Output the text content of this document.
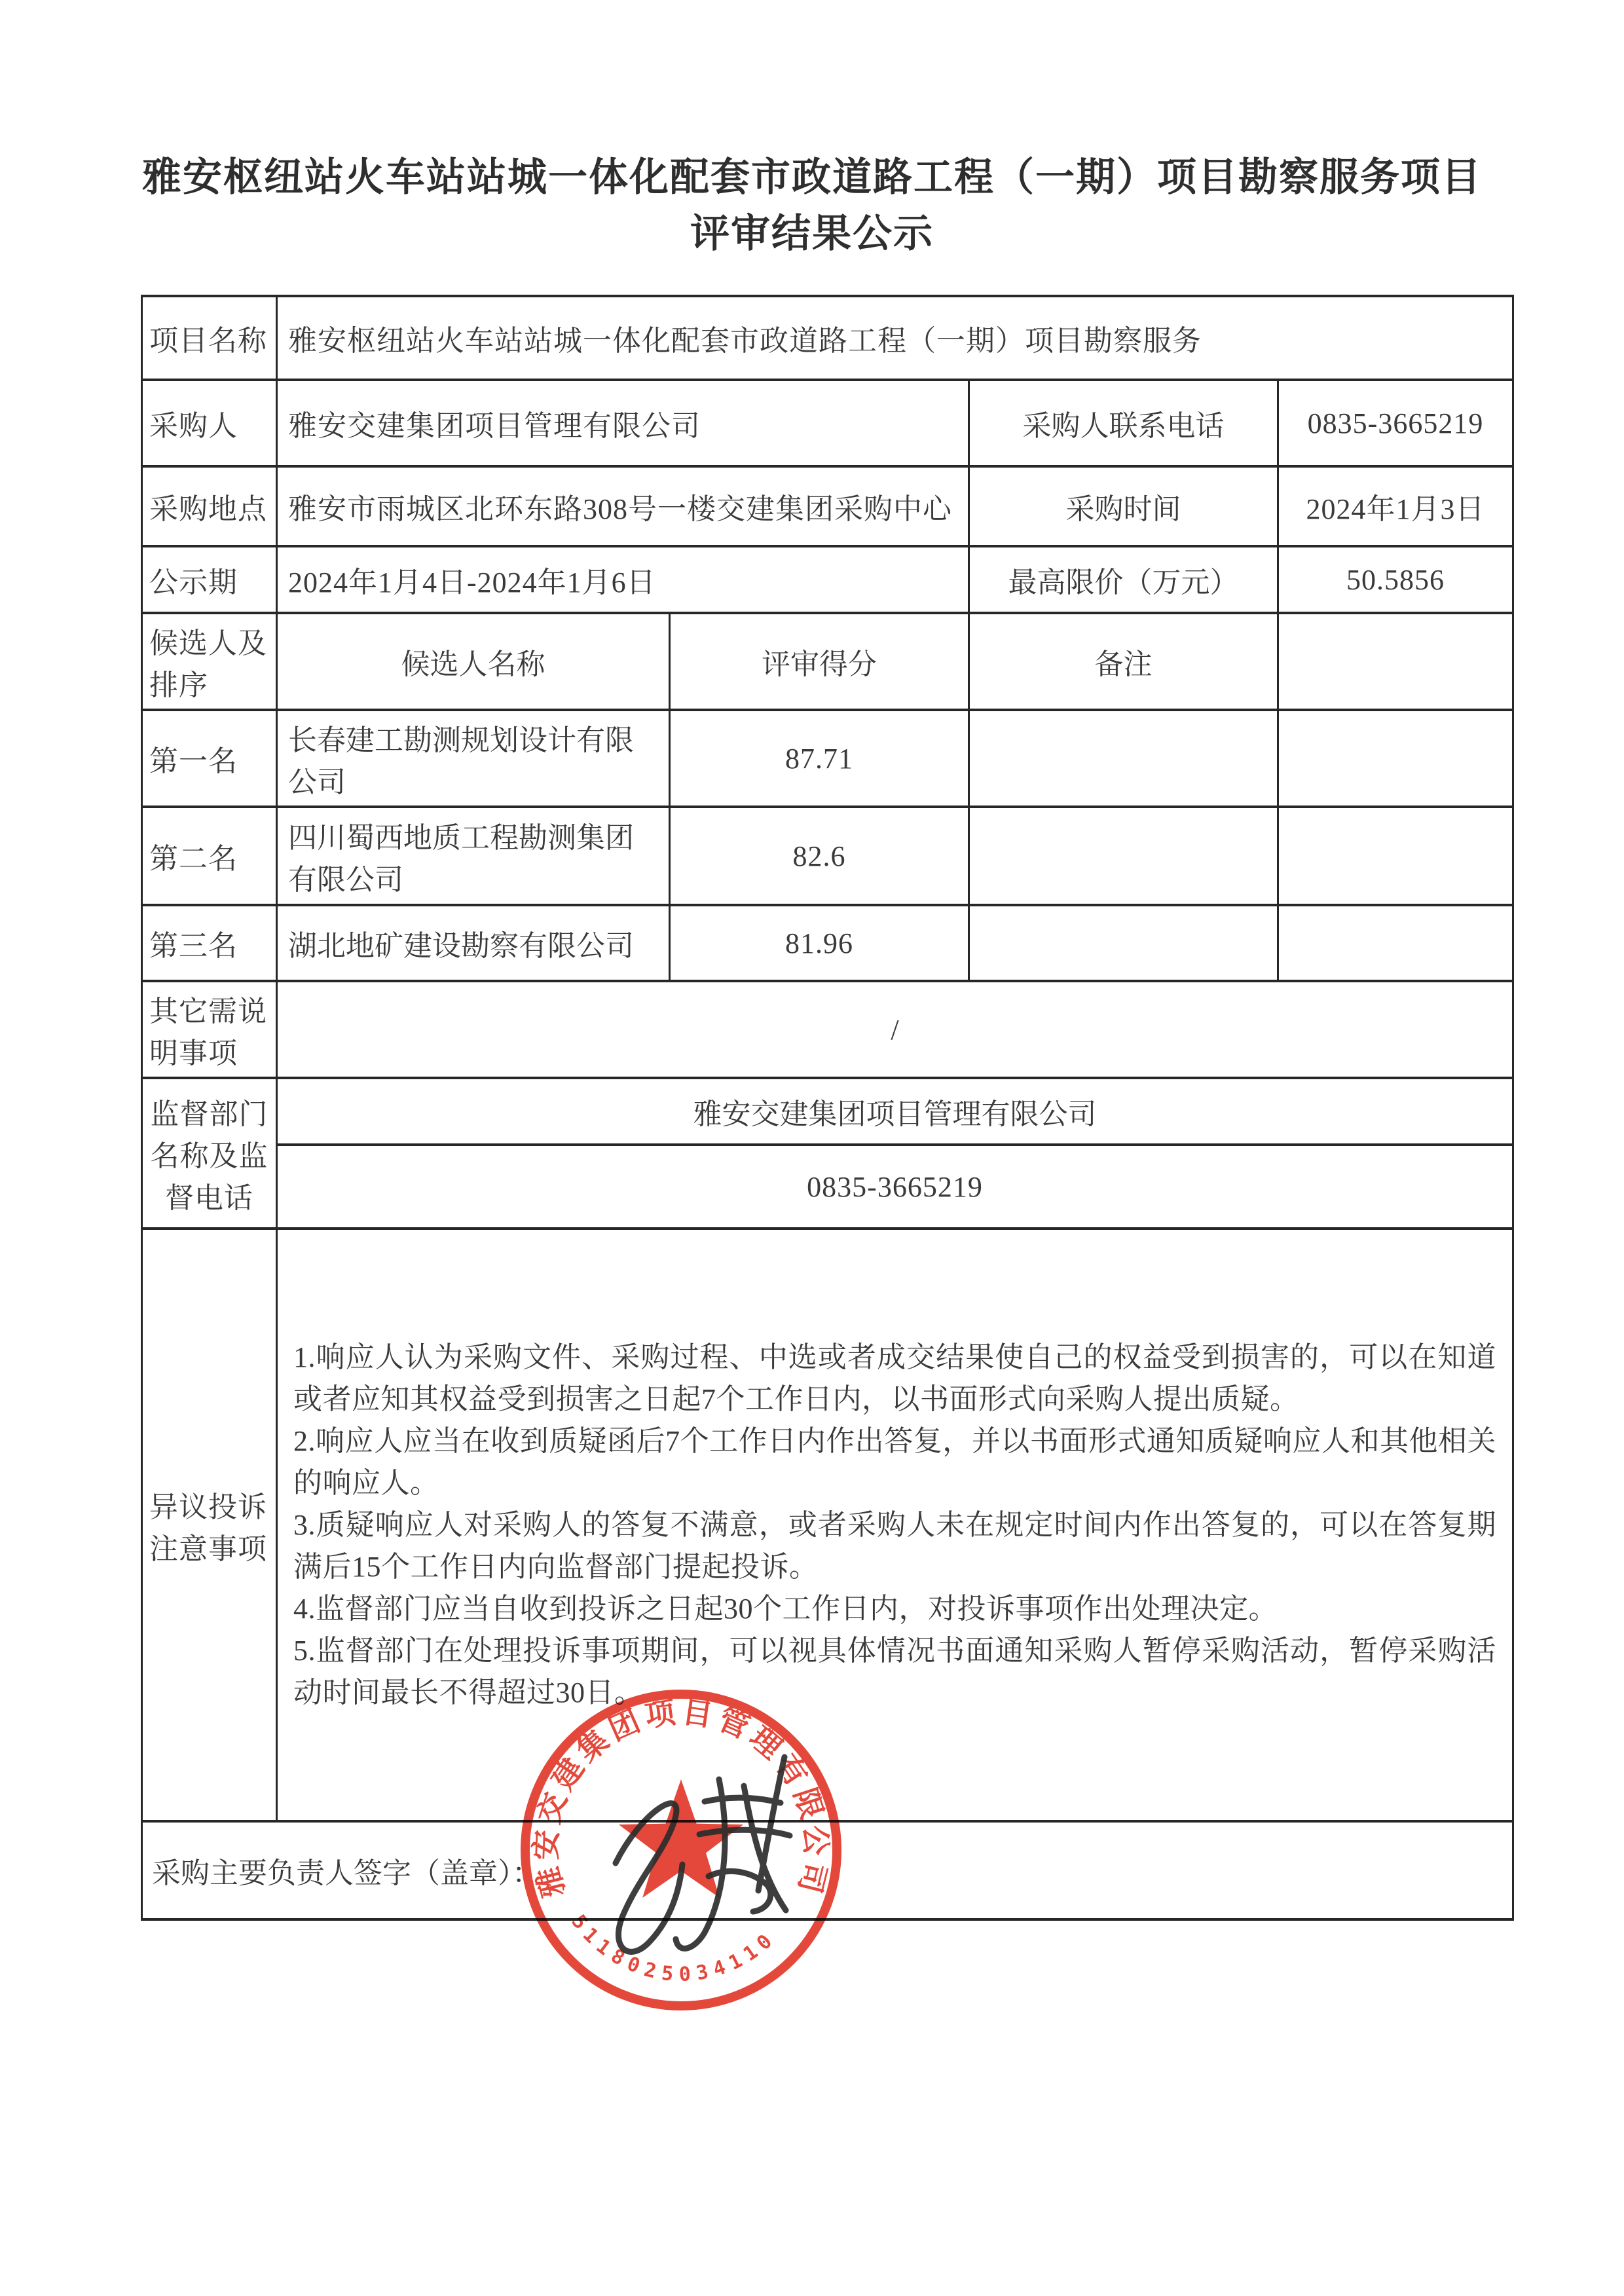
雅安枢纽站火车站站城一体化配套市政道路工程（一期）项目勘察服务项目评审结果公示
项目名称	雅安枢纽站火车站站城一体化配套市政道路工程（一期）项目勘察服务			
采购人	雅安交建集团项目管理有限公司		采购人联系电话	0835-3665219
采购地点	雅安市雨城区北环东路308号一楼交建集团采购中心		采购时间	2024年1月3日
公示期	2024年1月4日-2024年1月6日		最高限价（万元）	50.5856
候选人及排序	候选人名称	评审得分	备注	
第一名	长春建工勘测规划设计有限公司	87.71		
第二名	四川蜀西地质工程勘测集团有限公司	82.6		
第三名	湖北地矿建设勘察有限公司	81.96		
其它需说明事项	/			
监督部门名称及监督电话	雅安交建集团项目管理有限公司			
	0835-3665219			
异议投诉注意事项	1.响应人认为采购文件、采购过程、中选或者成交结果使自己的权益受到损害的，可以在知道或者应知其权益受到损害之日起7个工作日内，以书面形式向采购人提出质疑。
2.响应人应当在收到质疑函后7个工作日内作出答复，并以书面形式通知质疑响应人和其他相关的响应人。
3.质疑响应人对采购人的答复不满意，或者采购人未在规定时间内作出答复的，可以在答复期满后15个工作日内向监督部门提起投诉。
4.监督部门应当自收到投诉之日起30个工作日内，对投诉事项作出处理决定。
5.监督部门在处理投诉事项期间，可以视具体情况书面通知采购人暂停采购活动，暂停采购活动时间最长不得超过30日。			

采购主要负责人签字（盖章）：				
雅安交建集团项目管理有限公司
5118025034110
